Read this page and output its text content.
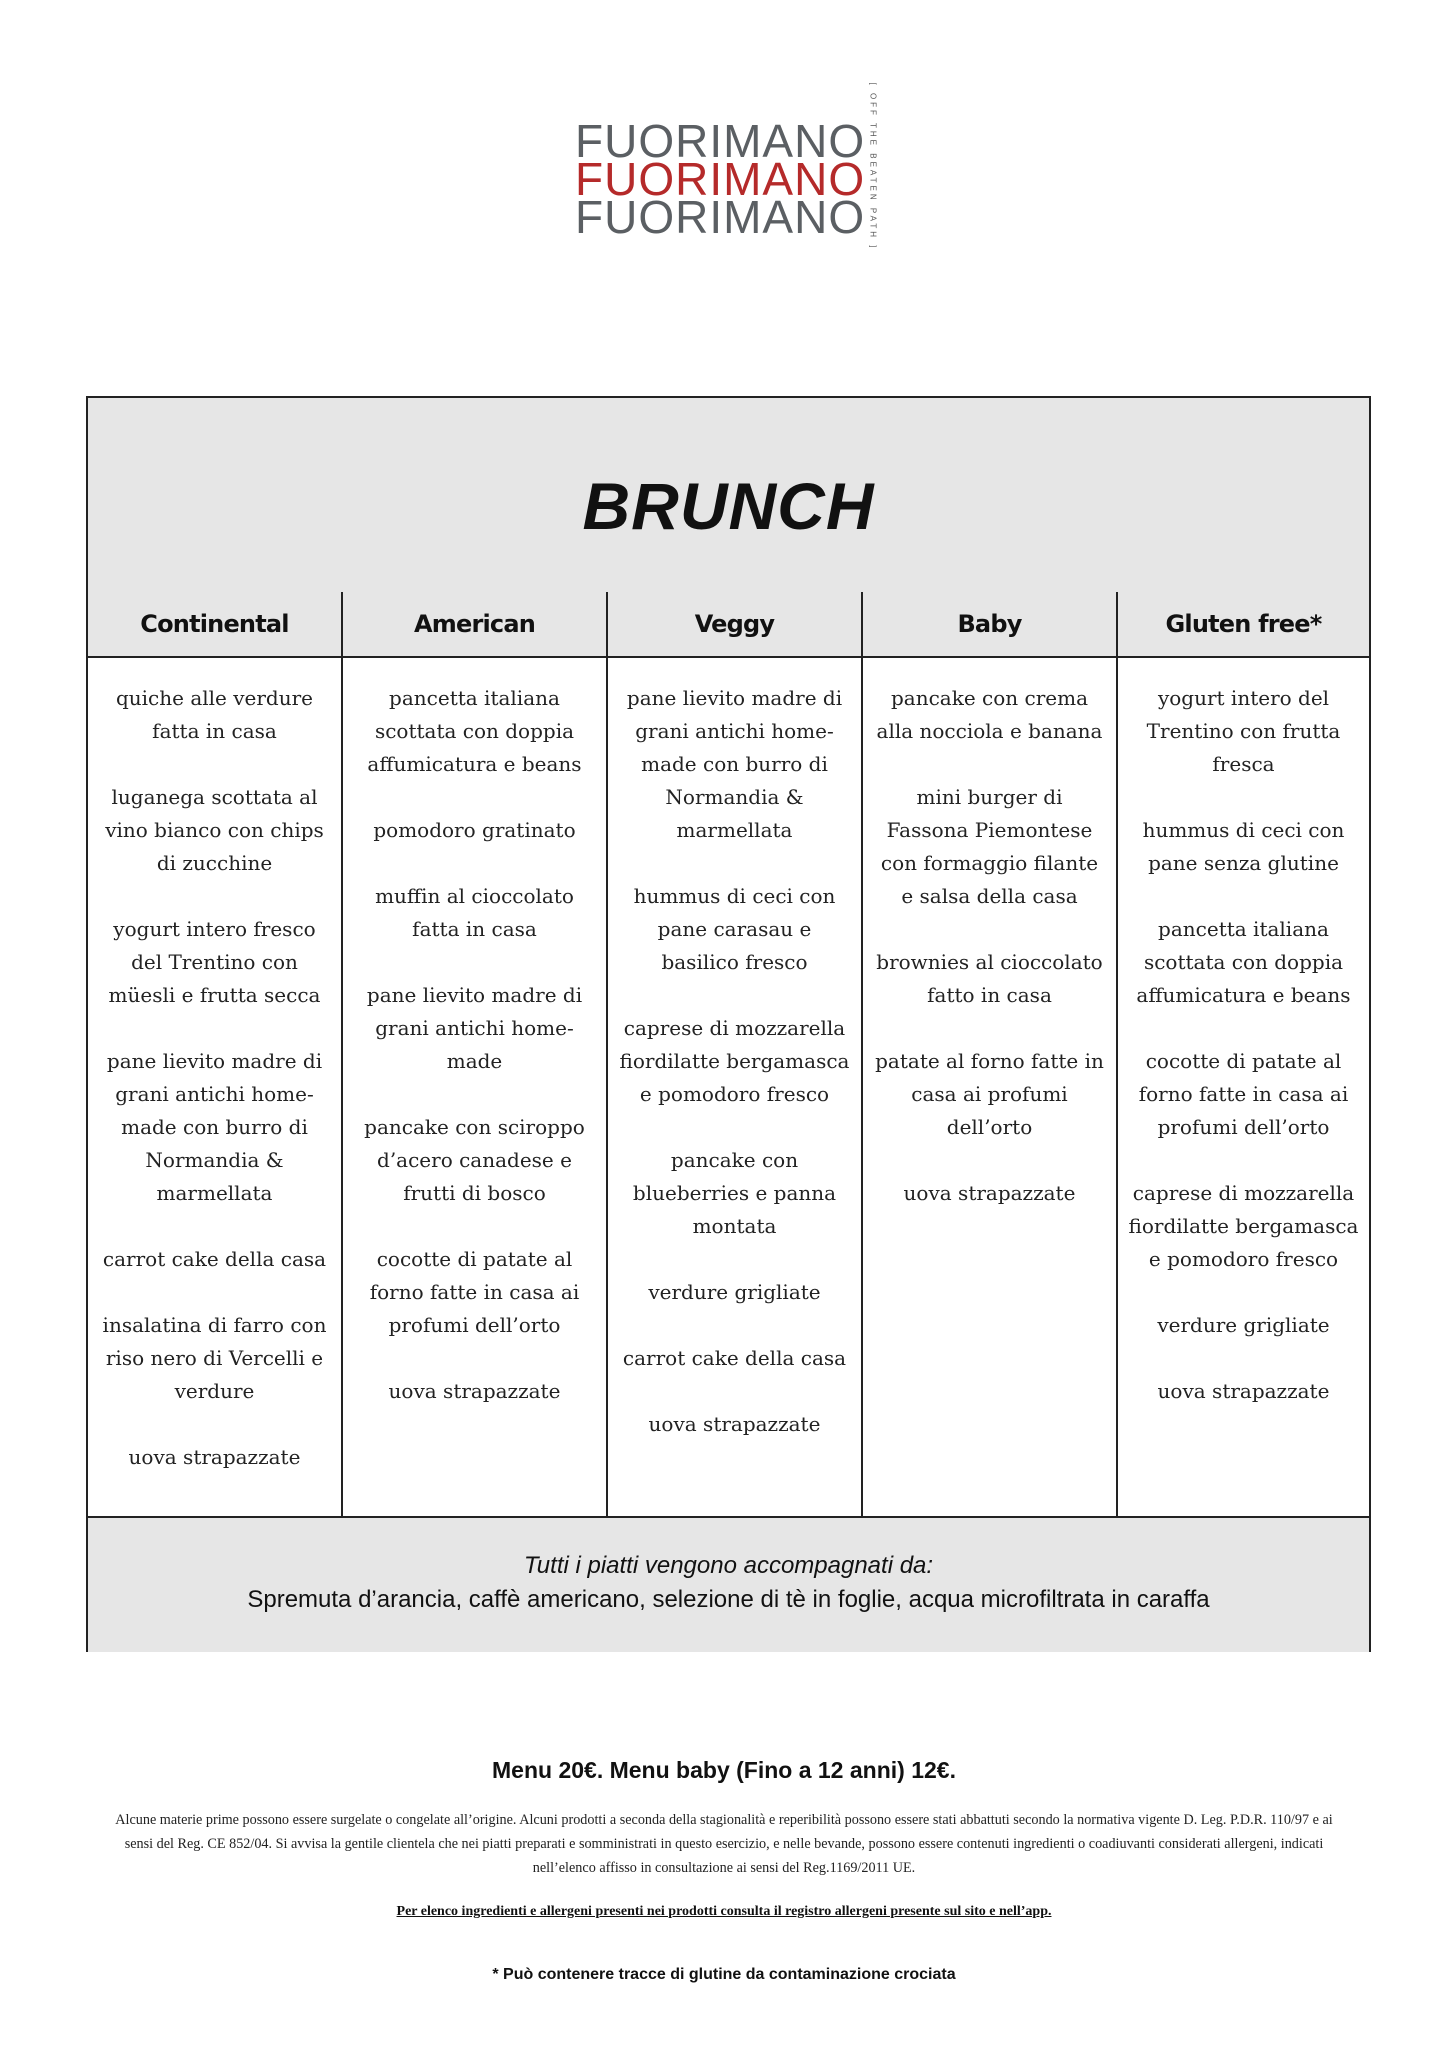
FUORIMANO
FUORIMANO
FUORIMANO [ OFF THE BEATEN PATH ]
BRUNCH
Continental
quiche alle verdure fatta in casa
luganega scottata al vino bianco con chips di zucchine
yogurt intero fresco del Trentino con müesli e frutta secca
pane lievito madre di grani antichi home-made con burro di Normandia & marmellata
carrot cake della casa
insalatina di farro con riso nero di Vercelli e verdure
uova strapazzate
American
pancetta italiana scottata con doppia affumicatura e beans
pomodoro gratinato
muffin al cioccolato fatta in casa
pane lievito madre di grani antichi home-made
pancake con sciroppo d’acero canadese e frutti di bosco
cocotte di patate al forno fatte in casa ai profumi dell’orto
uova strapazzate
Veggy
pane lievito madre di grani antichi home-made con burro di Normandia & marmellata
hummus di ceci con pane carasau e basilico fresco
caprese di mozzarella fiordilatte bergamasca e pomodoro fresco
pancake con blueberries e panna montata
verdure grigliate
carrot cake della casa
uova strapazzate
Baby
pancake con crema alla nocciola e banana
mini burger di Fassona Piemontese con formaggio filante e salsa della casa
brownies al cioccolato fatto in casa
patate al forno fatte in casa ai profumi dell’orto
uova strapazzate
Gluten free*
yogurt intero del Trentino con frutta fresca
hummus di ceci con pane senza glutine
pancetta italiana scottata con doppia affumicatura e beans
cocotte di patate al forno fatte in casa ai profumi dell’orto
caprese di mozzarella fiordilatte bergamasca e pomodoro fresco
verdure grigliate
uova strapazzate
Tutti i piatti vengono accompagnati da:
Spremuta d’arancia, caffè americano, selezione di tè in foglie, acqua microfiltrata in caraffa
Menu 20€. Menu baby (Fino a 12 anni) 12€.
Alcune materie prime possono essere surgelate o congelate all’origine. Alcuni prodotti a seconda della stagionalità e reperibilità possono essere stati abbattuti secondo la normativa vigente D. Leg. P.D.R. 110/97 e ai sensi del Reg. CE 852/04. Si avvisa la gentile clientela che nei piatti preparati e somministrati in questo esercizio, e nelle bevande, possono essere contenuti ingredienti o coadiuvanti considerati allergeni, indicati nell’elenco affisso in consultazione ai sensi del Reg.1169/2011 UE.
Per elenco ingredienti e allergeni presenti nei prodotti consulta il registro allergeni presente sul sito e nell’app.
* Può contenere tracce di glutine da contaminazione crociata
